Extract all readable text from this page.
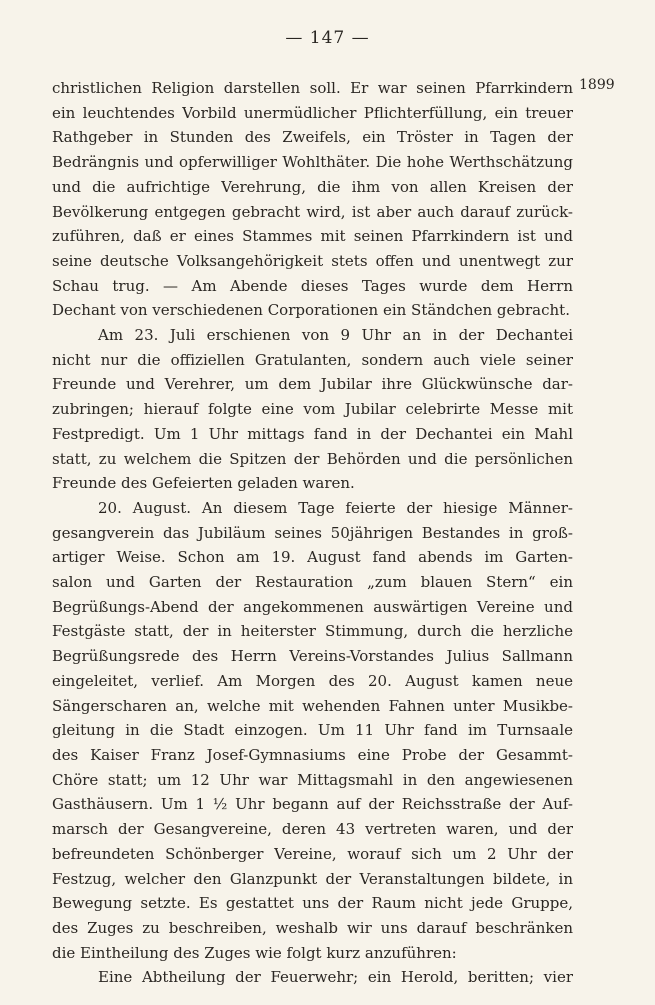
— 147 —
1899
christlichen Religion darstellen soll. Er war seinen Pfarrkindern
ein leuchtendes Vorbild unermüdlicher Pflichterfüllung, ein treuer
Rathgeber in Stunden des Zweifels, ein Tröster in Tagen der
Bedrängnis und opferwilliger Wohlthäter. Die hohe Werthschätzung
und die aufrichtige Verehrung, die ihm von allen Kreisen der
Bevölkerung entgegen gebracht wird, ist aber auch darauf zurück-
zuführen, daß er eines Stammes mit seinen Pfarrkindern ist und
seine deutsche Volksangehörigkeit stets offen und unentwegt zur
Schau trug. — Am Abende dieses Tages wurde dem Herrn
Dechant von verschiedenen Corporationen ein Ständchen gebracht.
Am 23. Juli erschienen von 9 Uhr an in der Dechantei
nicht nur die offiziellen Gratulanten, sondern auch viele seiner
Freunde und Verehrer, um dem Jubilar ihre Glückwünsche dar-
zubringen; hierauf folgte eine vom Jubilar celebrirte Messe mit
Festpredigt. Um 1 Uhr mittags fand in der Dechantei ein Mahl
statt, zu welchem die Spitzen der Behörden und die persönlichen
Freunde des Gefeierten geladen waren.
20. August. An diesem Tage feierte der hiesige Männer-
gesangverein das Jubiläum seines 50jährigen Bestandes in groß-
artiger Weise. Schon am 19. August fand abends im Garten-
salon und Garten der Restauration „zum blauen Stern“ ein
Begrüßungs-Abend der angekommenen auswärtigen Vereine und
Festgäste statt, der in heiterster Stimmung, durch die herzliche
Begrüßungsrede des Herrn Vereins-Vorstandes Julius Sallmann
eingeleitet, verlief. Am Morgen des 20. August kamen neue
Sängerscharen an, welche mit wehenden Fahnen unter Musikbe-
gleitung in die Stadt einzogen. Um 11 Uhr fand im Turnsaale
des Kaiser Franz Josef-Gymnasiums eine Probe der Gesammt-
Chöre statt; um 12 Uhr war Mittagsmahl in den angewiesenen
Gasthäusern. Um 1 ½ Uhr begann auf der Reichsstraße der Auf-
marsch der Gesangvereine, deren 43 vertreten waren, und der
befreundeten Schönberger Vereine, worauf sich um 2 Uhr der
Festzug, welcher den Glanzpunkt der Veranstaltungen bildete, in
Bewegung setzte. Es gestattet uns der Raum nicht jede Gruppe,
des Zuges zu beschreiben, weshalb wir uns darauf beschränken
die Eintheilung des Zuges wie folgt kurz anzuführen:
Eine Abtheilung der Feuerwehr; ein Herold, beritten; vier
